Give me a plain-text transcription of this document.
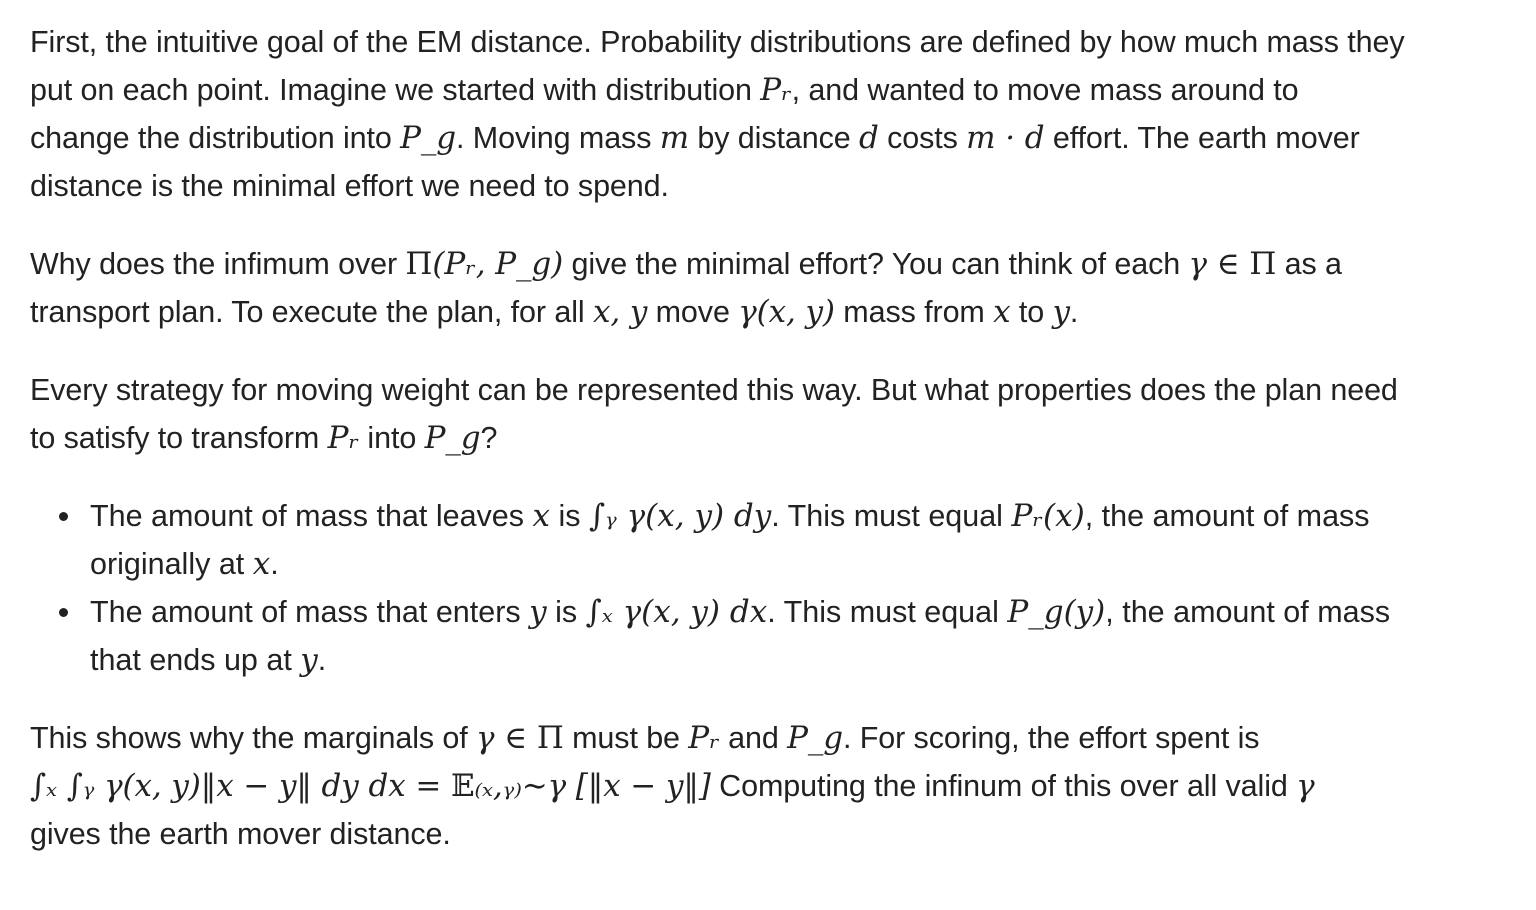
First, the intuitive goal of the EM distance. Probability distributions are defined by how much mass they
put on each point. Imagine we started with distribution Pᵣ, and wanted to move mass around to
change the distribution into P_g. Moving mass m by distance d costs m · d effort. The earth mover
distance is the minimal effort we need to spend.
Why does the infimum over Π(Pᵣ, P_g) give the minimal effort? You can think of each γ ∈ Π as a
transport plan. To execute the plan, for all x, y move γ(x, y) mass from x to y.
Every strategy for moving weight can be represented this way. But what properties does the plan need
to satisfy to transform Pᵣ into P_g?
The amount of mass that leaves x is ∫ᵧ γ(x, y) dy. This must equal Pᵣ(x), the amount of mass
originally at x.
The amount of mass that enters y is ∫ₓ γ(x, y) dx. This must equal P_g(y), the amount of mass
that ends up at y.
This shows why the marginals of γ ∈ Π must be Pᵣ and P_g. For scoring, the effort spent is
∫ₓ ∫ᵧ γ(x, y)‖x − y‖ dy dx = 𝔼₍ₓ,ᵧ₎∼γ [‖x − y‖] Computing the infinum of this over all valid γ
gives the earth mover distance.
